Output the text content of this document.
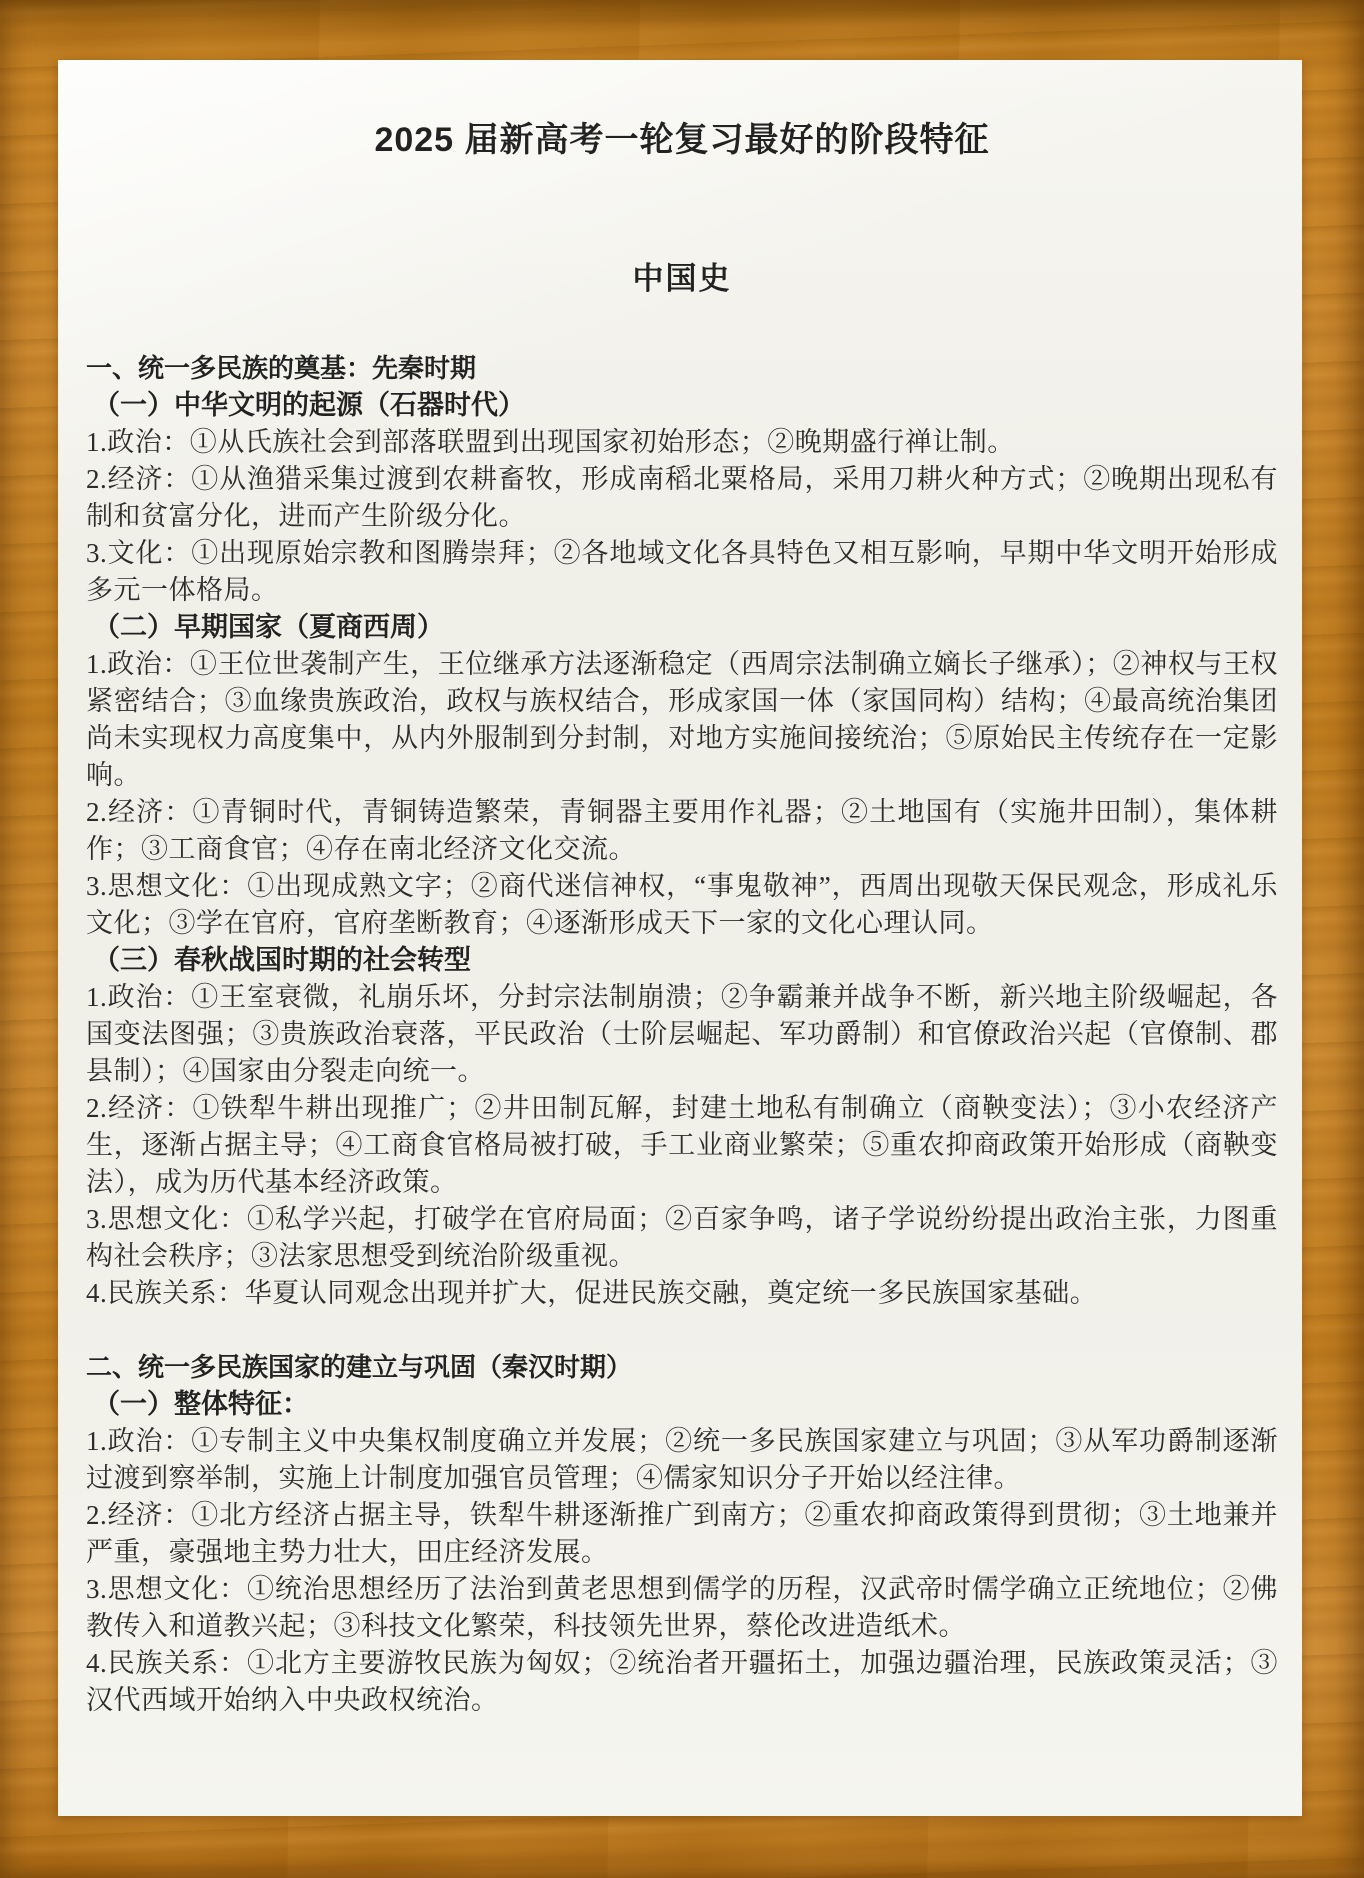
2025 届新高考一轮复习最好的阶段特征
中国史
一、统一多民族的奠基：先秦时期
（一）中华文明的起源（石器时代）

1.政治：①从氏族社会到部落联盟到出现国家初始形态；②晚期盛行禅让制。

2.经济：①从渔猎采集过渡到农耕畜牧，形成南稻北粟格局，采用刀耕火种方式；②晚期出现私有制和贫富分化，进而产生阶级分化。

3.文化：①出现原始宗教和图腾崇拜；②各地域文化各具特色又相互影响，早期中华文明开始形成多元一体格局。

（二）早期国家（夏商西周）

1.政治：①王位世袭制产生，王位继承方法逐渐稳定（西周宗法制确立嫡长子继承）；②神权与王权紧密结合；③血缘贵族政治，政权与族权结合，形成家国一体（家国同构）结构；④最高统治集团尚未实现权力高度集中，从内外服制到分封制，对地方实施间接统治；⑤原始民主传统存在一定影响。

2.经济：①青铜时代，青铜铸造繁荣，青铜器主要用作礼器；②土地国有（实施井田制），集体耕作；③工商食官；④存在南北经济文化交流。

3.思想文化：①出现成熟文字；②商代迷信神权，“事鬼敬神”，西周出现敬天保民观念，形成礼乐文化；③学在官府，官府垄断教育；④逐渐形成天下一家的文化心理认同。

（三）春秋战国时期的社会转型

1.政治：①王室衰微，礼崩乐坏，分封宗法制崩溃；②争霸兼并战争不断，新兴地主阶级崛起，各国变法图强；③贵族政治衰落，平民政治（士阶层崛起、军功爵制）和官僚政治兴起（官僚制、郡县制）；④国家由分裂走向统一。

2.经济：①铁犁牛耕出现推广；②井田制瓦解，封建土地私有制确立（商鞅变法）；③小农经济产生，逐渐占据主导；④工商食官格局被打破，手工业商业繁荣；⑤重农抑商政策开始形成（商鞅变法），成为历代基本经济政策。

3.思想文化：①私学兴起，打破学在官府局面；②百家争鸣，诸子学说纷纷提出政治主张，力图重构社会秩序；③法家思想受到统治阶级重视。

4.民族关系：华夏认同观念出现并扩大，促进民族交融，奠定统一多民族国家基础。

二、统一多民族国家的建立与巩固（秦汉时期）
（一）整体特征：

1.政治：①专制主义中央集权制度确立并发展；②统一多民族国家建立与巩固；③从军功爵制逐渐过渡到察举制，实施上计制度加强官员管理；④儒家知识分子开始以经注律。

2.经济：①北方经济占据主导，铁犁牛耕逐渐推广到南方；②重农抑商政策得到贯彻；③土地兼并严重，豪强地主势力壮大，田庄经济发展。

3.思想文化：①统治思想经历了法治到黄老思想到儒学的历程，汉武帝时儒学确立正统地位；②佛教传入和道教兴起；③科技文化繁荣，科技领先世界，蔡伦改进造纸术。

4.民族关系：①北方主要游牧民族为匈奴；②统治者开疆拓土，加强边疆治理，民族政策灵活；③汉代西域开始纳入中央政权统治。
